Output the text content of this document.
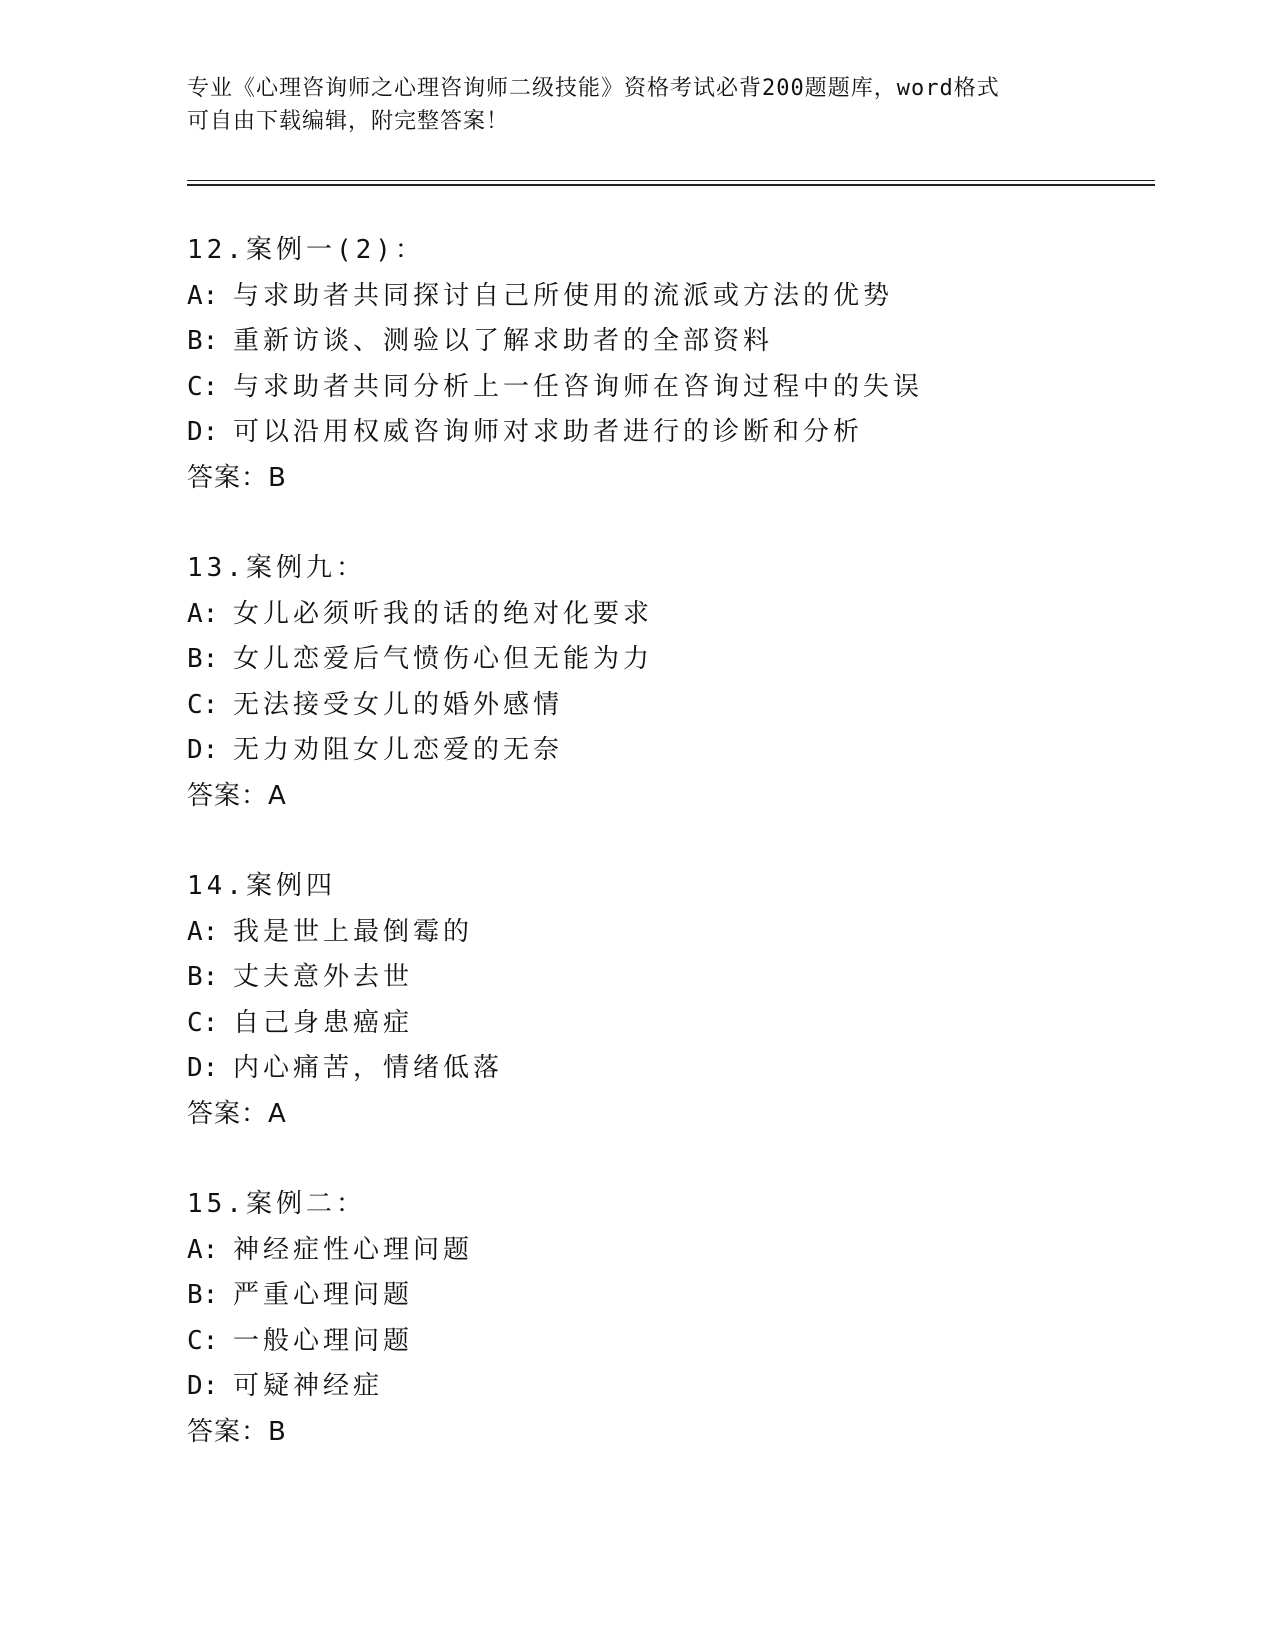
专业《心理咨询师之心理咨询师二级技能》资格考试必背200题题库，word格式
可自由下载编辑，附完整答案！
12.案例一(2)：
A: 与求助者共同探讨自己所使用的流派或方法的优势
B: 重新访谈、测验以了解求助者的全部资料
C: 与求助者共同分析上一任咨询师在咨询过程中的失误
D: 可以沿用权威咨询师对求助者进行的诊断和分析
答案：B
13.案例九：
A: 女儿必须听我的话的绝对化要求
B: 女儿恋爱后气愤伤心但无能为力
C: 无法接受女儿的婚外感情
D: 无力劝阻女儿恋爱的无奈
答案：A
14.案例四
A: 我是世上最倒霉的
B: 丈夫意外去世
C: 自己身患癌症
D: 内心痛苦，情绪低落
答案：A
15.案例二：
A: 神经症性心理问题
B: 严重心理问题
C: 一般心理问题
D: 可疑神经症
答案：B
